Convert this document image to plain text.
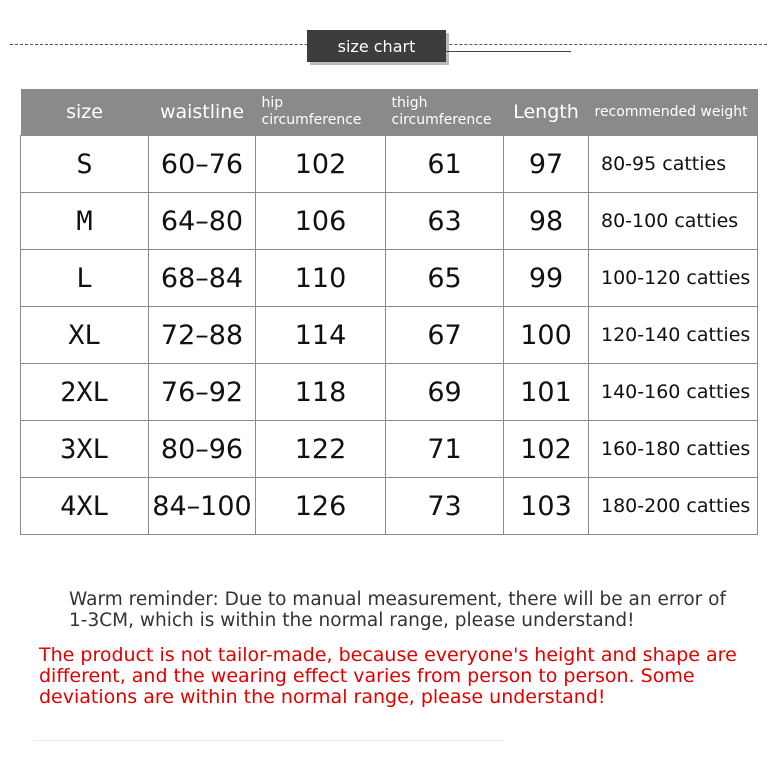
size chart
size	waistline	hip circumference	thigh circumference	Length	recommended weight
S	60–76	102	61	97	80-95 catties
M	64–80	106	63	98	80-100 catties
L	68–84	110	65	99	100-120 catties
XL	72–88	114	67	100	120-140 catties
2XL	76–92	118	69	101	140-160 catties
3XL	80–96	122	71	102	160-180 catties
4XL	84–100	126	73	103	180-200 catties
Warm reminder: Due to manual measurement, there will be an error of 1-3CM, which is within the normal range, please understand!
The product is not tailor-made, because everyone's height and shape are different, and the wearing effect varies from person to person. Some deviations are within the normal range, please understand!
